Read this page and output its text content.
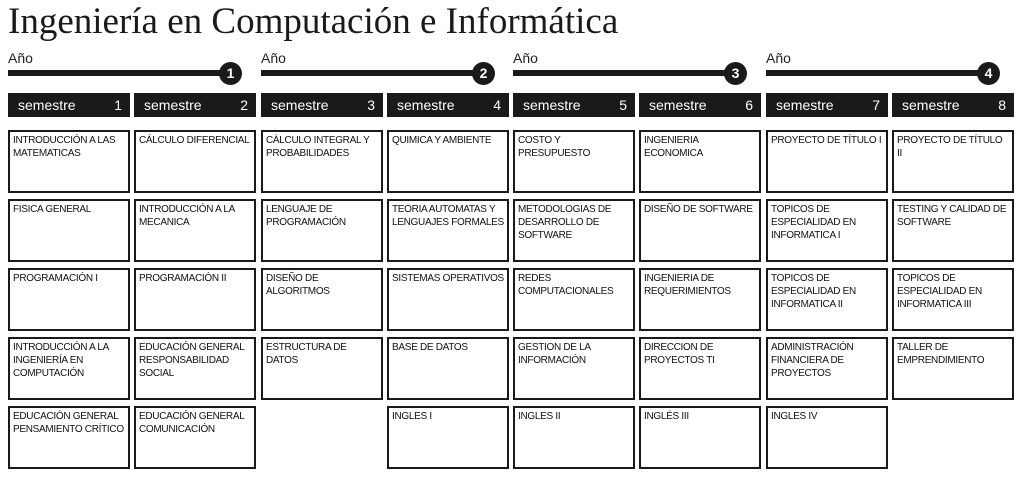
Ingeniería en Computación e Informática
Año
1
Año
2
Año
3
Año
4
semestre	1
INTRODUCCIÓN A LAS MATEMATICAS
FISICA GENERAL
PROGRAMACIÓN I
INTRODUCCIÓN A LA INGENIERÍA EN COMPUTACIÓN
EDUCACIÓN GENERAL PENSAMIENTO CRÍTICO
semestre	2
CÁLCULO DIFERENCIAL
INTRODUCCIÓN A LA MECANICA
PROGRAMACIÓN II
EDUCACIÓN GENERAL RESPONSABILIDAD SOCIAL
EDUCACIÓN GENERAL COMUNICACIÓN
semestre	3
CÁLCULO INTEGRAL Y PROBABILIDADES
LENGUAJE DE PROGRAMACIÓN
DISEÑO DE ALGORITMOS
ESTRUCTURA DE DATOS
semestre	4
QUIMICA Y AMBIENTE
TEORIA AUTOMATAS Y LENGUAJES FORMALES
SISTEMAS OPERATIVOS
BASE DE DATOS
INGLES I
semestre	5
COSTO Y PRESUPUESTO
METODOLOGIAS DE DESARROLLO DE SOFTWARE
REDES COMPUTACIONALES
GESTION DE LA INFORMACIÓN
INGLES II
semestre	6
INGENIERIA ECONOMICA
DISEÑO DE SOFTWARE
INGENIERIA DE REQUERIMIENTOS
DIRECCION DE PROYECTOS TI
INGLÉS III
semestre	7
PROYECTO DE TÍTULO I
TOPICOS DE ESPECIALIDAD EN INFORMATICA I
TOPICOS DE ESPECIALIDAD EN INFORMATICA II
ADMINISTRACIÓN FINANCIERA DE PROYECTOS
INGLES IV
semestre	8
PROYECTO DE TÍTULO II
TESTING Y CALIDAD DE SOFTWARE
TOPICOS DE ESPECIALIDAD EN INFORMATICA III
TALLER DE EMPRENDIMIENTO
